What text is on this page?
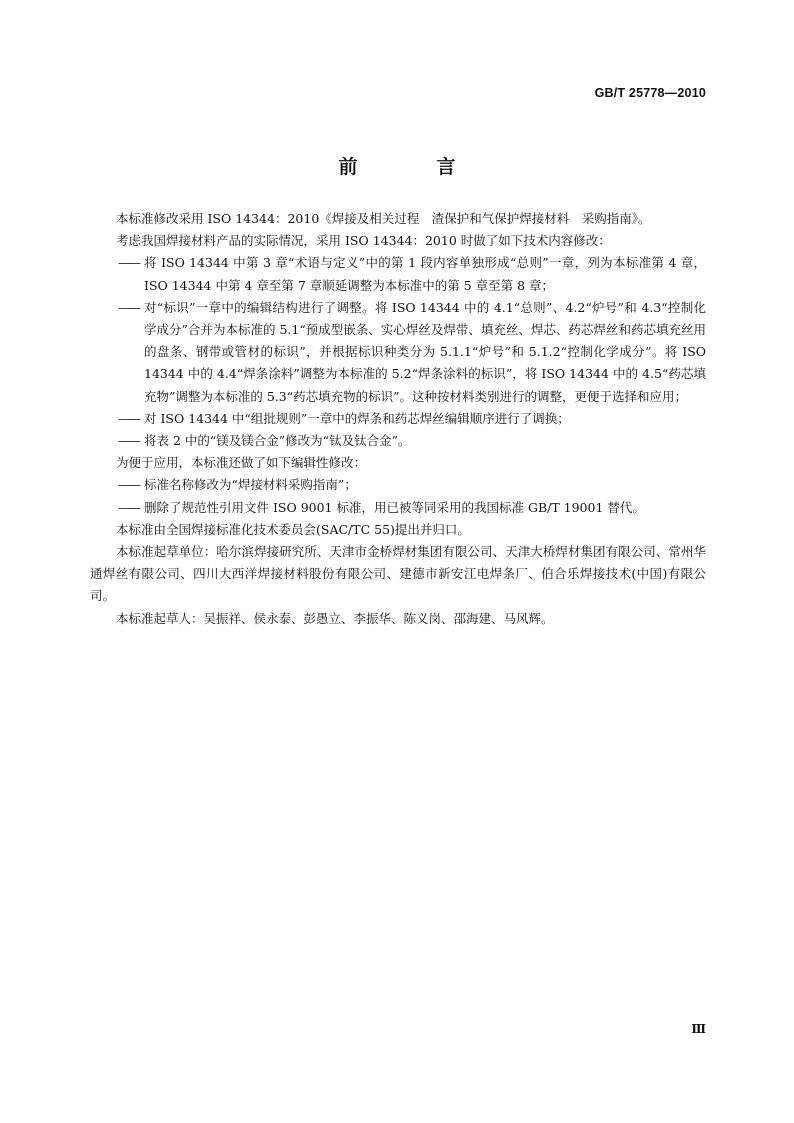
GB/T 25778—2010
前　言

本标准修改采用 ISO 14344：2010《焊接及相关过程　渣保护和气保护焊接材料　采购指南》。

考虑我国焊接材料产品的实际情况，采用 ISO 14344：2010 时做了如下技术内容修改：

—— 将 ISO 14344 中第 3 章“术语与定义”中的第 1 段内容单独形成“总则”一章，列为本标准第 4 章，ISO 14344 中第 4 章至第 7 章顺延调整为本标准中的第 5 章至第 8 章；
—— 对“标识”一章中的编辑结构进行了调整。将 ISO 14344 中的 4.1“总则”、4.2“炉号”和 4.3“控制化学成分”合并为本标准的 5.1“预成型嵌条、实心焊丝及焊带、填充丝、焊芯、药芯焊丝和药芯填充丝用的盘条、钢带或管材的标识”，并根据标识种类分为 5.1.1“炉号”和 5.1.2“控制化学成分”。将 ISO 14344 中的 4.4“焊条涂料”调整为本标准的 5.2“焊条涂料的标识”，将 ISO 14344 中的 4.5“药芯填充物”调整为本标准的 5.3“药芯填充物的标识”。这种按材料类别进行的调整，更便于选择和应用；
—— 对 ISO 14344 中“组批规则”一章中的焊条和药芯焊丝编辑顺序进行了调换；
—— 将表 2 中的“镁及镁合金”修改为“钛及钛合金”。

为便于应用，本标准还做了如下编辑性修改：

—— 标准名称修改为“焊接材料采购指南”；
—— 删除了规范性引用文件 ISO 9001 标准，用已被等同采用的我国标准 GB/T 19001 替代。

本标准由全国焊接标准化技术委员会(SAC/TC 55)提出并归口。

本标准起草单位：哈尔滨焊接研究所、天津市金桥焊材集团有限公司、天津大桥焊材集团有限公司、常州华通焊丝有限公司、四川大西洋焊接材料股份有限公司、建德市新安江电焊条厂、伯合乐焊接技术(中国)有限公司。

本标准起草人：吴振祥、侯永泰、彭愚立、李振华、陈义岗、邵海建、马风辉。

Ⅲ
